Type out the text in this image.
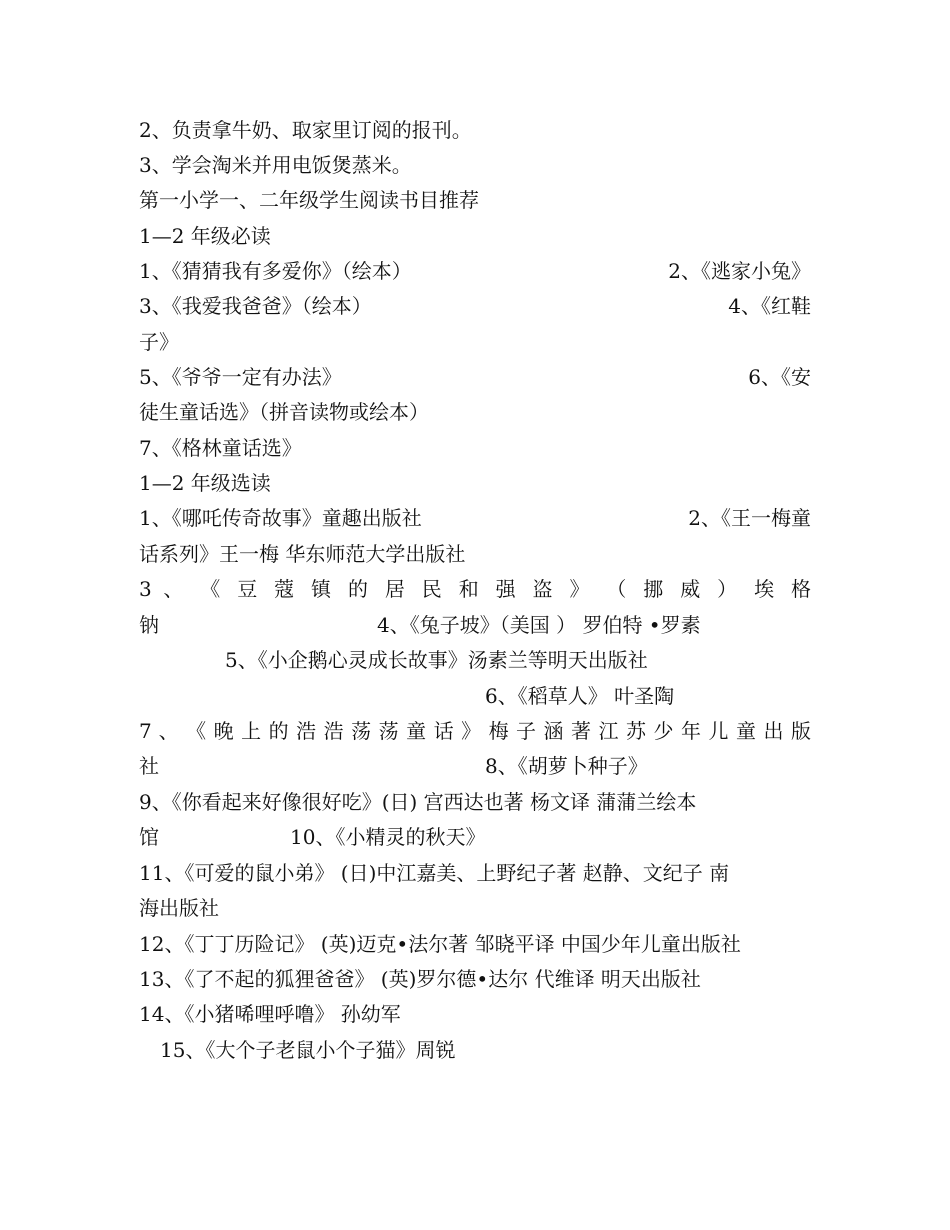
2、负责拿牛奶、取家里订阅的报刊。
3、学会淘米并用电饭煲蒸米。
第一小学一、二年级学生阅读书目推荐
1—2 年级必读
1、《猜猜我有多爱你》（绘本）	2、《逃家小兔》
3、《我爱我爸爸》（绘本）	4、《红鞋
子》
5、《爷爷一定有办法》	6、《安
徒生童话选》（拼音读物或绘本）
7、《格林童话选》
1—2 年级选读
1、《哪吒传奇故事》童趣出版社	2、《王一梅童
话系列》王一梅 华东师范大学出版社
3 、 《 豆 蔻 镇 的 居 民 和 强 盗 》 （ 挪 威 ） 埃 格
钠	4、《兔子坡》（美国 ） 罗伯特 •罗素
5、《小企鹅心灵成长故事》汤素兰等明天出版社
6、《稻草人》 叶圣陶
7 、 《 晚 上 的 浩 浩 荡 荡 童 话 》 梅 子 涵 著 江 苏 少 年 儿 童 出 版
社	8、《胡萝卜种子》
9、《你看起来好像很好吃》(日) 宫西达也著 杨文译 蒲蒲兰绘本
馆	10、《小精灵的秋天》
11、《可爱的鼠小弟》 (日)中江嘉美、上野纪子著 赵静、文纪子 南
海出版社
12、《丁丁历险记》 (英)迈克•法尔著 邹晓平译 中国少年儿童出版社
13、《了不起的狐狸爸爸》 (英)罗尔德•达尔 代维译 明天出版社
14、《小猪唏哩呼噜》 孙幼军
15、《大个子老鼠小个子猫》周锐
